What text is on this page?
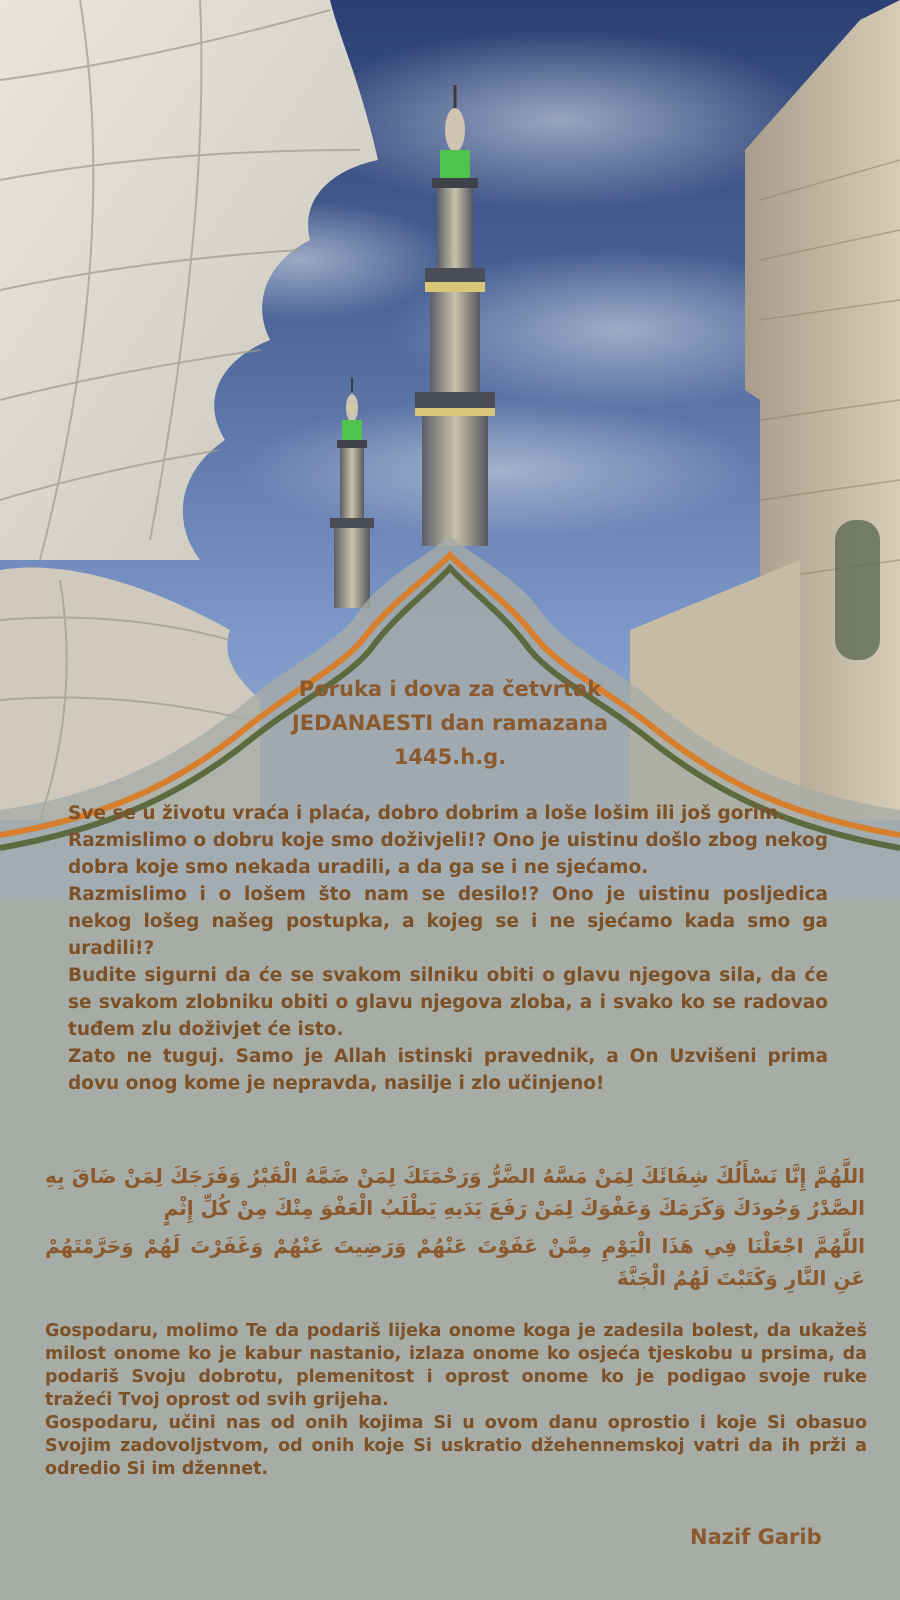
Poruka i dova za četvrtak
JEDANAESTI dan ramazana
1445.h.g.

Sve se u životu vraća i plaća, dobro dobrim a loše lošim ili još gorim.

Razmislimo o dobru koje smo doživjeli!? Ono je uistinu došlo zbog nekog dobra koje smo nekada uradili, a da ga se i ne sjećamo.

Razmislimo i o lošem što nam se desilo!? Ono je uistinu posljedica nekog lošeg našeg postupka, a kojeg se i ne sjećamo kada smo ga uradili!?

Budite sigurni da će se svakom silniku obiti o glavu njegova sila, da će se svakom zlobniku obiti o glavu njegova zloba, a i svako ko se radovao tuđem zlu doživjet će isto.

Zato ne tuguj. Samo je Allah istinski pravednik, a On Uzvišeni prima dovu onog kome je nepravda, nasilje i zlo učinjeno!

اللَّهُمَّ إِنَّا نَسْأَلُكَ شِفَائَكَ لِمَنْ مَسَّهُ الضَّرُّ وَرَحْمَتَكَ لِمَنْ ضَمَّهُ الْقَبْرُ وَفَرَجَكَ لِمَنْ ضَاقَ بِهِ الصَّدْرُ وَجُودَكَ وَكَرَمَكَ وَعَفْوَكَ لِمَنْ رَفَعَ يَدَيهِ يَطْلَبُ الْعَفْوَ مِنْكَ مِنْ كُلِّ إِثْمٍ

اللَّهُمَّ اجْعَلْنَا فِي هَذَا الْيَوْمِ مِمَّنْ عَفَوْتَ عَنْهُمْ وَرَضِيتَ عَنْهُمْ وَغَفَرْتَ لَهُمْ وَحَرَّمْتَهُمْ عَنِ النَّارِ وَكَتَبْتَ لَهُمُ الْجَنَّةَ

Gospodaru, molimo Te da podariš lijeka onome koga je zadesila bolest, da ukažeš milost onome ko je kabur nastanio, izlaza onome ko osjeća tjeskobu u prsima, da podariš Svoju dobrotu, plemenitost i oprost onome ko je podigao svoje ruke tražeći Tvoj oprost od svih grijeha.

Gospodaru, učini nas od onih kojima Si u ovom danu oprostio i koje Si obasuo Svojim zadovoljstvom, od onih koje Si uskratio džehennemskoj vatri da ih prži a odredio Si im džennet.

Nazif Garib
